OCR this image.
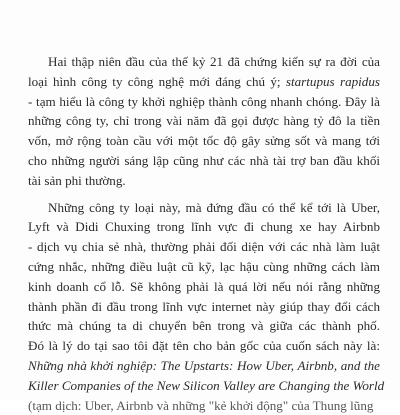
Hai thập niên đầu của thế kỷ 21 đã chứng kiến sự ra đời của
loại hình công ty công nghệ mới đáng chú ý; startupus rapidus
- tạm hiểu là công ty khởi nghiệp thành công nhanh chóng. Đây là
những công ty, chỉ trong vài năm đã gọi được hàng tỷ đô la tiền
vốn, mở rộng toàn cầu với một tốc độ gây sửng sốt và mang tới
cho những người sáng lập cũng như các nhà tài trợ ban đầu khối
tài sản phi thường.

Những công ty loại này, mà đứng đầu có thể kể tới là Uber,
Lyft và Didi Chuxing trong lĩnh vực đi chung xe hay Airbnb
- dịch vụ chia sẻ nhà, thường phải đối diện với các nhà làm luật
cứng nhắc, những điều luật cũ kỹ, lạc hậu cùng những cách làm
kinh doanh cổ lỗ. Sẽ không phải là quá lời nếu nói rằng những
thành phần đi đầu trong lĩnh vực internet này giúp thay đổi cách
thức mà chúng ta di chuyển bên trong và giữa các thành phố.
Đó là lý do tại sao tôi đặt tên cho bản gốc của cuốn sách này là:
Những nhà khởi nghiệp: The Upstarts: How Uber, Airbnb, and the
Killer Companies of the New Silicon Valley are Changing the World
(tạm dịch: Uber, Airbnb và những "kẻ khởi động" của Thung lũng
